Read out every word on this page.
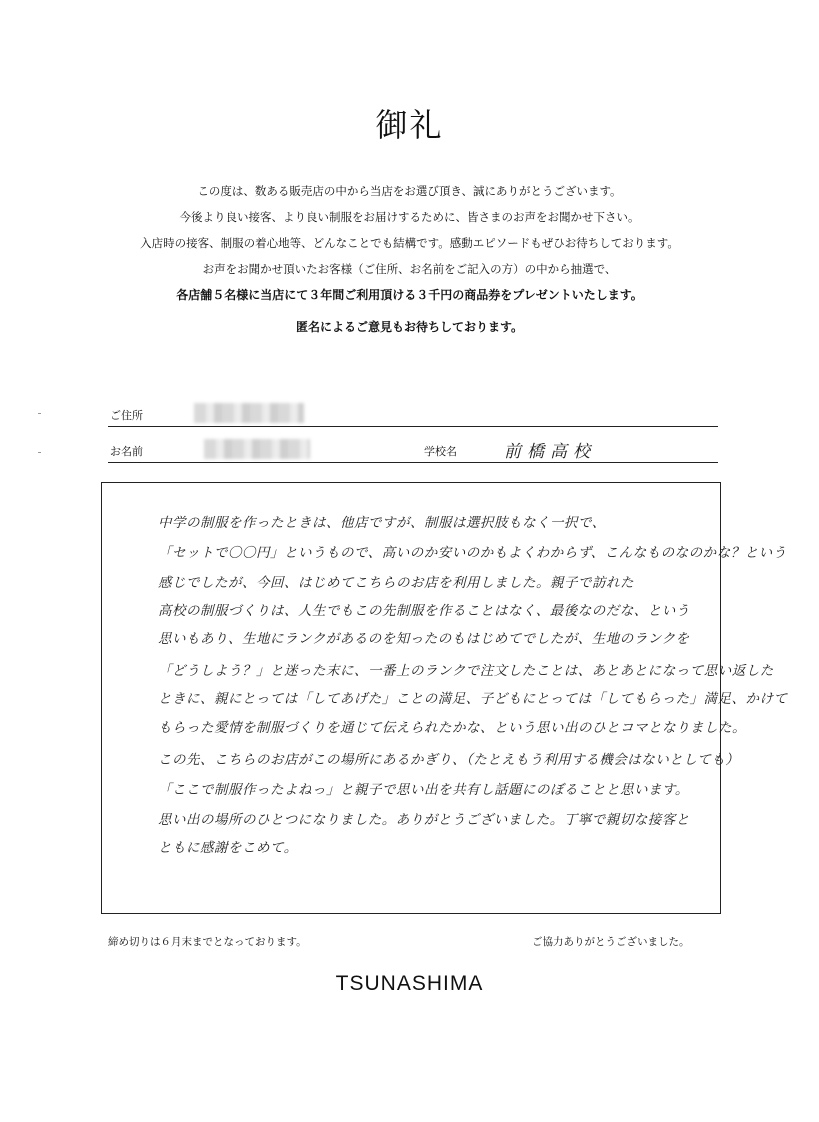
御礼
この度は、数ある販売店の中から当店をお選び頂き、誠にありがとうございます。
今後より良い接客、より良い制服をお届けするために、皆さまのお声をお聞かせ下さい。
入店時の接客、制服の着心地等、どんなことでも結構です。感動エピソードもぜひお待ちしております。
お声をお聞かせ頂いたお客様（ご住所、お名前をご記入の方）の中から抽選で、
各店舗５名様に当店にて３年間ご利用頂ける３千円の商品券をプレゼントいたします。
匿名によるご意見もお待ちしております。
ご住所
お名前	学校名	前橋高校
中学の制服を作ったときは、他店ですが、制服は選択肢もなく一択で、
「セットで〇〇円」というもので、高いのか安いのかもよくわからず、こんなものなのかな？という
感じでしたが、今回、はじめてこちらのお店を利用しました。親子で訪れた
高校の制服づくりは、人生でもこの先制服を作ることはなく、最後なのだな、という
思いもあり、生地にランクがあるのを知ったのもはじめてでしたが、生地のランクを
「どうしよう？」と迷った末に、一番上のランクで注文したことは、あとあとになって思い返した
ときに、親にとっては「してあげた」ことの満足、子どもにとっては「してもらった」満足、かけて
もらった愛情を制服づくりを通じて伝えられたかな、という思い出のひとコマとなりました。
この先、こちらのお店がこの場所にあるかぎり、（たとえもう利用する機会はないとしても）
「ここで制服作ったよねっ」と親子で思い出を共有し話題にのぼることと思います。
思い出の場所のひとつになりました。ありがとうございました。丁寧で親切な接客と
ともに感謝をこめて。
締め切りは６月末までとなっております。	ご協力ありがとうございました。
TSUNASHIMA
